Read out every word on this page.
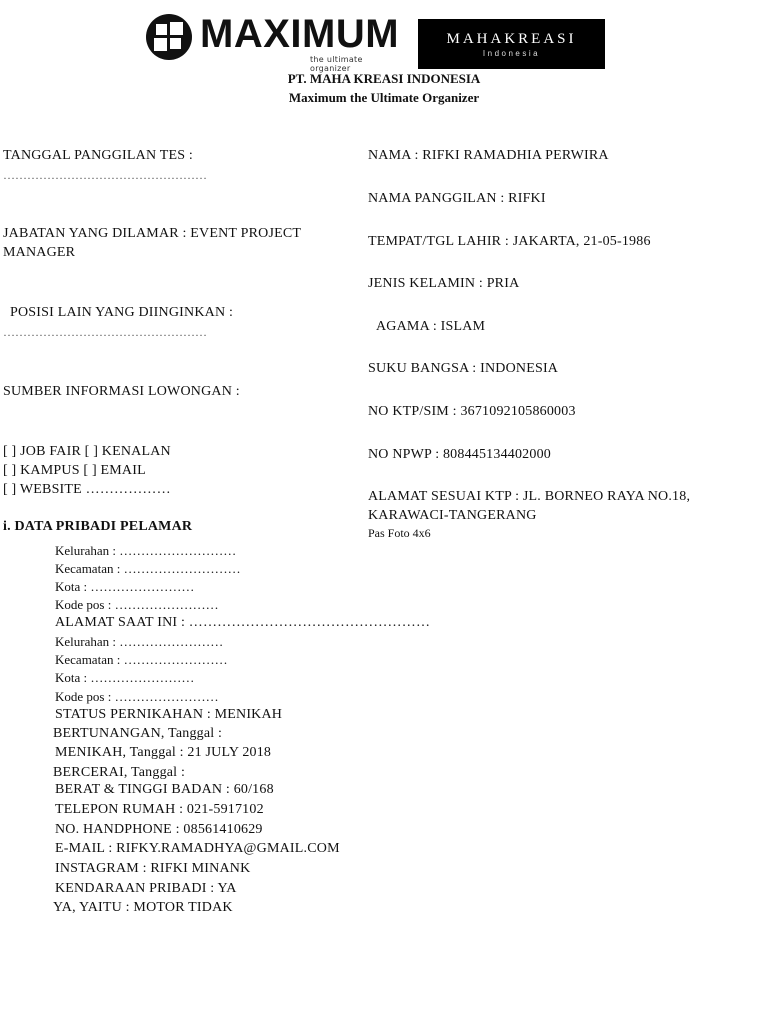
MAXIMUM
the ultimate organizer
MAHAKREASI
Indonesia
PT. MAHA KREASI INDONESIA
Maximum the Ultimate Organizer
TANGGAL PANGGILAN TES :
……………………………………………
JABATAN YANG DILAMAR : EVENT PROJECT
MANAGER
POSISI LAIN YANG DIINGINKAN :
……………………………………………
SUMBER INFORMASI LOWONGAN :
[ ] JOB FAIR [ ] KENALAN
[ ] KAMPUS [ ] EMAIL
[ ] WEBSITE ………………
i. DATA PRIBADI PELAMAR
NAMA : RIFKI RAMADHIA PERWIRA
NAMA PANGGILAN : RIFKI
TEMPAT/TGL LAHIR : JAKARTA, 21-05-1986
JENIS KELAMIN : PRIA
AGAMA : ISLAM
SUKU BANGSA : INDONESIA
NO KTP/SIM : 3671092105860003
NO NPWP : 808445134402000
ALAMAT SESUAI KTP : JL. BORNEO RAYA NO.18,
KARAWACI-TANGERANG
Pas Foto 4x6
Kelurahan : ………………………
Kecamatan : ………………………
Kota : ……………………
Kode pos : ……………………
ALAMAT SAAT INI : ……………………………………………
Kelurahan : ……………………
Kecamatan : ……………………
Kota : ……………………
Kode pos : ……………………
STATUS PERNIKAHAN : MENIKAH
BERTUNANGAN, Tanggal :
MENIKAH, Tanggal : 21 JULY 2018
BERCERAI, Tanggal :
BERAT & TINGGI BADAN : 60/168
TELEPON RUMAH : 021-5917102
NO. HANDPHONE : 08561410629
E-MAIL : RIFKY.RAMADHYA@GMAIL.COM
INSTAGRAM : RIFKI MINANK
KENDARAAN PRIBADI : YA
YA, YAITU : MOTOR TIDAK
